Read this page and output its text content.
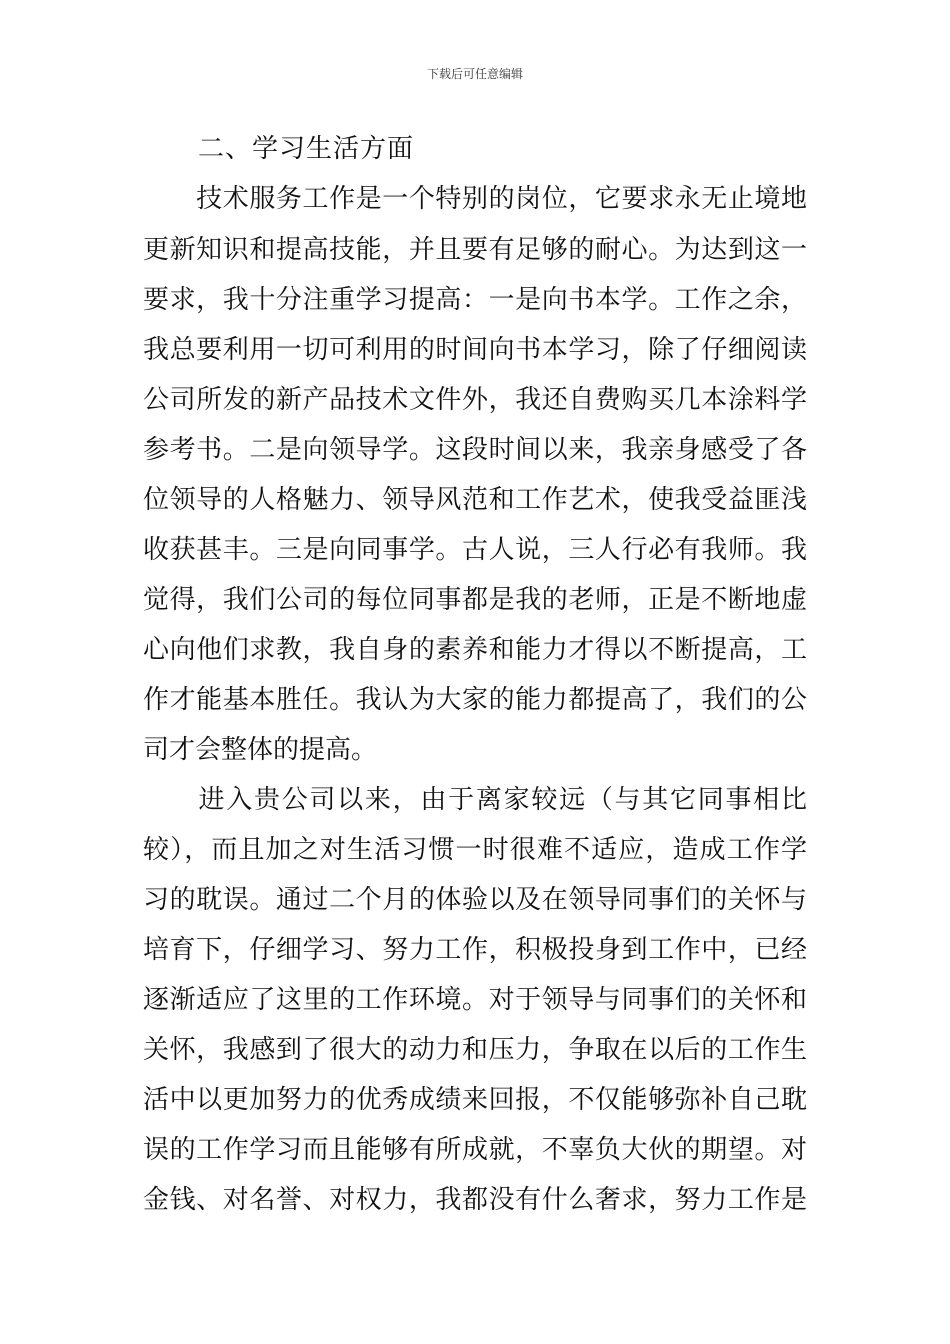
下载后可任意编辑
二、学习生活方面
　　技术服务工作是一个特别的岗位，它要求永无止境地
更新知识和提高技能，并且要有足够的耐心。为达到这一
要求，我十分注重学习提高：一是向书本学。工作之余，
我总要利用一切可利用的时间向书本学习，除了仔细阅读
公司所发的新产品技术文件外，我还自费购买几本涂料学
参考书。二是向领导学。这段时间以来，我亲身感受了各
位领导的人格魅力、领导风范和工作艺术，使我受益匪浅
收获甚丰。三是向同事学。古人说，三人行必有我师。我
觉得，我们公司的每位同事都是我的老师，正是不断地虚
心向他们求教，我自身的素养和能力才得以不断提高，工
作才能基本胜任。我认为大家的能力都提高了，我们的公
司才会整体的提高。
　　进入贵公司以来，由于离家较远（与其它同事相比
较），而且加之对生活习惯一时很难不适应，造成工作学
习的耽误。通过二个月的体验以及在领导同事们的关怀与
培育下，仔细学习、努力工作，积极投身到工作中，已经
逐渐适应了这里的工作环境。对于领导与同事们的关怀和
关怀，我感到了很大的动力和压力，争取在以后的工作生
活中以更加努力的优秀成绩来回报，不仅能够弥补自己耽
误的工作学习而且能够有所成就，不辜负大伙的期望。对
金钱、对名誉、对权力，我都没有什么奢求，努力工作是
